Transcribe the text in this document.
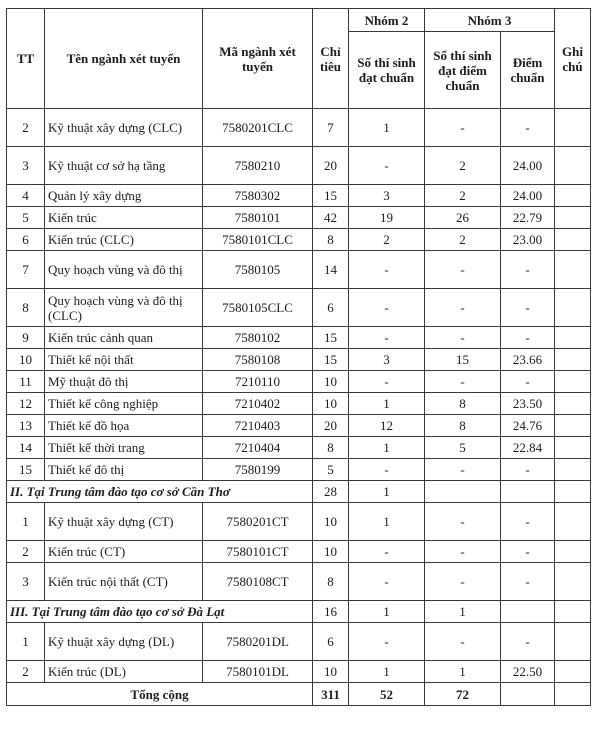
TT	Tên ngành xét tuyển	Mã ngành xét tuyển	Chỉ tiêu	Nhóm 2	Nhóm 3		Ghi chú
				Số thí sinh đạt chuẩn	Số thí sinh đạt điểm chuẩn	Điểm chuẩn	
2	Kỹ thuật xây dựng (CLC)	7580201CLC	7	1	-	-	
3	Kỹ thuật cơ sở hạ tầng	7580210	20	-	2	24.00	
4	Quản lý xây dựng	7580302	15	3	2	24.00	
5	Kiến trúc	7580101	42	19	26	22.79	
6	Kiến trúc (CLC)	7580101CLC	8	2	2	23.00	
7	Quy hoạch vùng và đô thị	7580105	14	-	-	-	
8	Quy hoạch vùng và đô thị (CLC)	7580105CLC	6	-	-	-	
9	Kiến trúc cảnh quan	7580102	15	-	-	-	
10	Thiết kế nội thất	7580108	15	3	15	23.66	
11	Mỹ thuật đô thị	7210110	10	-	-	-	
12	Thiết kế công nghiệp	7210402	10	1	8	23.50	
13	Thiết kế đồ họa	7210403	20	12	8	24.76	
14	Thiết kế thời trang	7210404	8	1	5	22.84	
15	Thiết kế đô thị	7580199	5	-	-	-	
II. Tại Trung tâm đào tạo cơ sở Cần Thơ			28	1			
1	Kỹ thuật xây dựng (CT)	7580201CT	10	1	-	-	
2	Kiến trúc (CT)	7580101CT	10	-	-	-	
3	Kiến trúc nội thất (CT)	7580108CT	8	-	-	-	
III. Tại Trung tâm đào tạo cơ sở Đà Lạt			16	1	1		
1	Kỹ thuật xây dựng (DL)	7580201DL	6	-	-	-	
2	Kiến trúc (DL)	7580101DL	10	1	1	22.50	
Tổng cộng			311	52	72		
